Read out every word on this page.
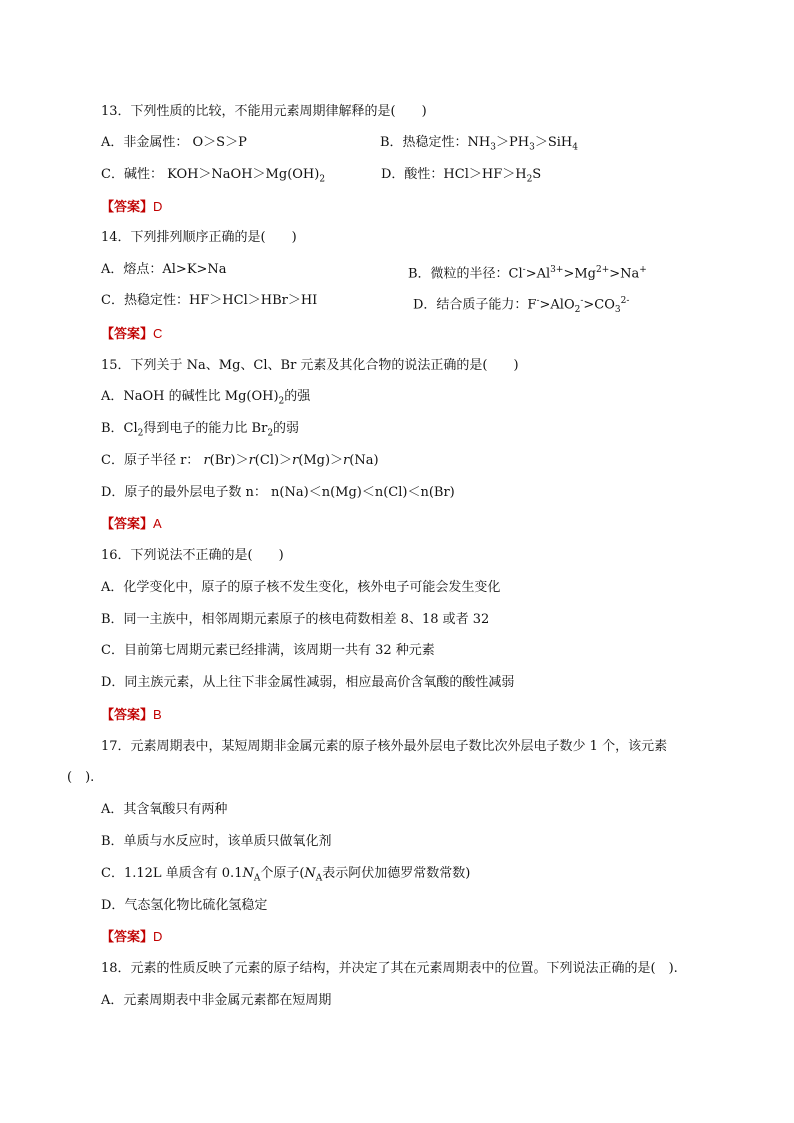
13．下列性质的比较，不能用元素周期律解释的是(　　)
A．非金属性： O＞S＞P	B．热稳定性：$NH_3>PH_3>SiH_4$
C．碱性： $KOH>NaOH>Mg(OH)_2$	D．酸性：$HCl>HF>H_2S$
【答案】D
14．下列排列顺序正确的是(　　)
A．熔点：Al>K>Na	B．微粒的半径：$Cl^->Al^{3+}>Mg^{2+}>Na^+$
C．热稳定性：HF＞HCl＞HBr＞HI	D．结合质子能力：$F^->AlO_2^->CO_3^{2-}$
【答案】C
15．下列关于 Na、Mg、Cl、Br 元素及其化合物的说法正确的是(　　)
A．NaOH 的碱性比 $Mg(OH)_2$的强
B．$Cl_2$得到电子的能力比 $Br_2$的弱
C．原子半径 r： r(Br)＞r(Cl)＞r(Mg)＞r(Na)
D．原子的最外层电子数 n： n(Na)＜n(Mg)＜n(Cl)＜n(Br)
【答案】A
16．下列说法不正确的是(　　)
A．化学变化中，原子的原子核不发生变化，核外电子可能会发生变化
B．同一主族中，相邻周期元素原子的核电荷数相差 8、18 或者 32
C．目前第七周期元素已经排满，该周期一共有 32 种元素
D．同主族元素，从上往下非金属性减弱，相应最高价含氧酸的酸性减弱
【答案】B
17．元素周期表中，某短周期非金属元素的原子核外最外层电子数比次外层电子数少 1 个，该元素
(　).
A．其含氧酸只有两种
B．单质与水反应时，该单质只做氧化剂
C．1.12L 单质含有 $0.1N_A$个原子($N_A$表示阿伏加德罗常数常数)
D．气态氢化物比硫化氢稳定
【答案】D
18．元素的性质反映了元素的原子结构，并决定了其在元素周期表中的位置。下列说法正确的是(　).
A．元素周期表中非金属元素都在短周期
